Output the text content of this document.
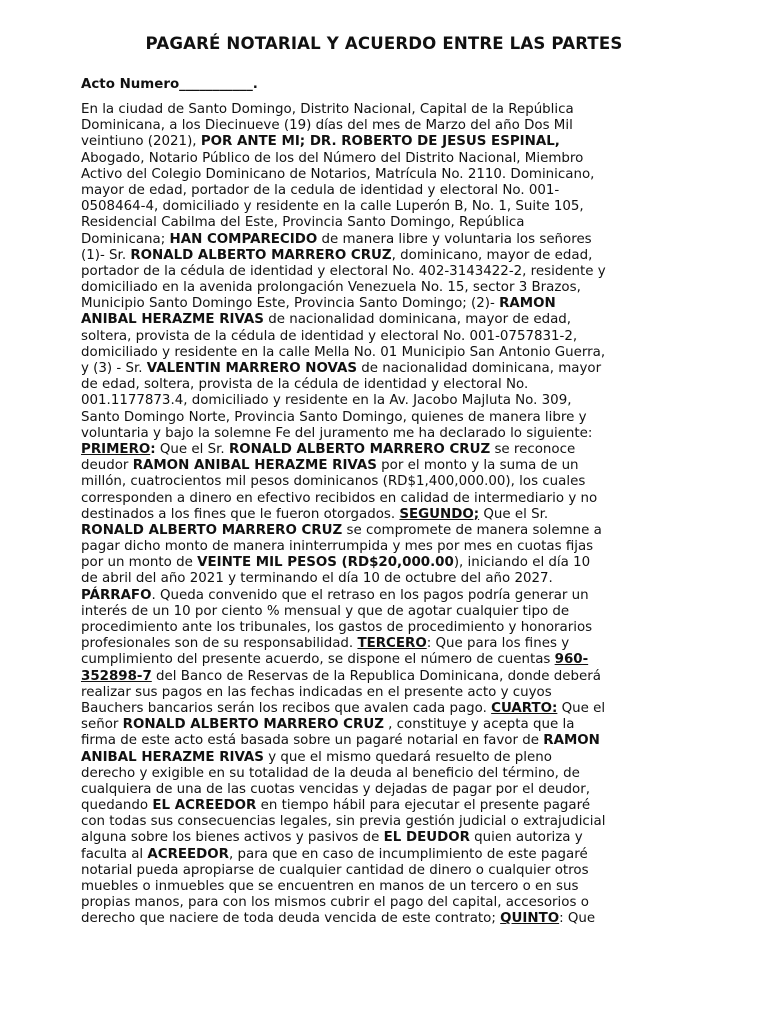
PAGARÉ NOTARIAL Y ACUERDO ENTRE LAS PARTES
Acto Numero___________.
En la ciudad de Santo Domingo, Distrito Nacional, Capital de la República
Dominicana, a los Diecinueve (19) días del mes de Marzo del año Dos Mil
veintiuno (2021), POR ANTE MI; DR. ROBERTO DE JESUS ESPINAL,
Abogado, Notario Público de los del Número del Distrito Nacional, Miembro
Activo del Colegio Dominicano de Notarios, Matrícula No. 2110. Dominicano,
mayor de edad, portador de la cedula de identidad y electoral No. 001-
0508464-4, domiciliado y residente en la calle Luperón B, No. 1, Suite 105,
Residencial Cabilma del Este, Provincia Santo Domingo, República
Dominicana; HAN COMPARECIDO de manera libre y voluntaria los señores
(1)- Sr. RONALD ALBERTO MARRERO CRUZ, dominicano, mayor de edad,
portador de la cédula de identidad y electoral No. 402-3143422-2, residente y
domiciliado en la avenida prolongación Venezuela No. 15, sector 3 Brazos,
Municipio Santo Domingo Este, Provincia Santo Domingo; (2)- RAMON
ANIBAL HERAZME RIVAS de nacionalidad dominicana, mayor de edad,
soltera, provista de la cédula de identidad y electoral No. 001-0757831-2,
domiciliado y residente en la calle Mella No. 01 Municipio San Antonio Guerra,
y (3) - Sr. VALENTIN MARRERO NOVAS de nacionalidad dominicana, mayor
de edad, soltera, provista de la cédula de identidad y electoral No.
001.1177873.4, domiciliado y residente en la Av. Jacobo Majluta No. 309,
Santo Domingo Norte, Provincia Santo Domingo, quienes de manera libre y
voluntaria y bajo la solemne Fe del juramento me ha declarado lo siguiente:
PRIMERO: Que el Sr. RONALD ALBERTO MARRERO CRUZ se reconoce
deudor RAMON ANIBAL HERAZME RIVAS por el monto y la suma de un
millón, cuatrocientos mil pesos dominicanos (RD$1,400,000.00), los cuales
corresponden a dinero en efectivo recibidos en calidad de intermediario y no
destinados a los fines que le fueron otorgados. SEGUNDO; Que el Sr.
RONALD ALBERTO MARRERO CRUZ se compromete de manera solemne a
pagar dicho monto de manera ininterrumpida y mes por mes en cuotas fijas
por un monto de VEINTE MIL PESOS (RD$20,000.00), iniciando el día 10
de abril del año 2021 y terminando el día 10 de octubre del año 2027.
PÁRRAFO. Queda convenido que el retraso en los pagos podría generar un
interés de un 10 por ciento % mensual y que de agotar cualquier tipo de
procedimiento ante los tribunales, los gastos de procedimiento y honorarios
profesionales son de su responsabilidad. TERCERO: Que para los fines y
cumplimiento del presente acuerdo, se dispone el número de cuentas 960-
352898-7 del Banco de Reservas de la Republica Dominicana, donde deberá
realizar sus pagos en las fechas indicadas en el presente acto y cuyos
Bauchers bancarios serán los recibos que avalen cada pago. CUARTO: Que el
señor RONALD ALBERTO MARRERO CRUZ , constituye y acepta que la
firma de este acto está basada sobre un pagaré notarial en favor de RAMON
ANIBAL HERAZME RIVAS y que el mismo quedará resuelto de pleno
derecho y exigible en su totalidad de la deuda al beneficio del término, de
cualquiera de una de las cuotas vencidas y dejadas de pagar por el deudor,
quedando EL ACREEDOR en tiempo hábil para ejecutar el presente pagaré
con todas sus consecuencias legales, sin previa gestión judicial o extrajudicial
alguna sobre los bienes activos y pasivos de EL DEUDOR quien autoriza y
faculta al ACREEDOR, para que en caso de incumplimiento de este pagaré
notarial pueda apropiarse de cualquier cantidad de dinero o cualquier otros
muebles o inmuebles que se encuentren en manos de un tercero o en sus
propias manos, para con los mismos cubrir el pago del capital, accesorios o
derecho que naciere de toda deuda vencida de este contrato; QUINTO: Que
